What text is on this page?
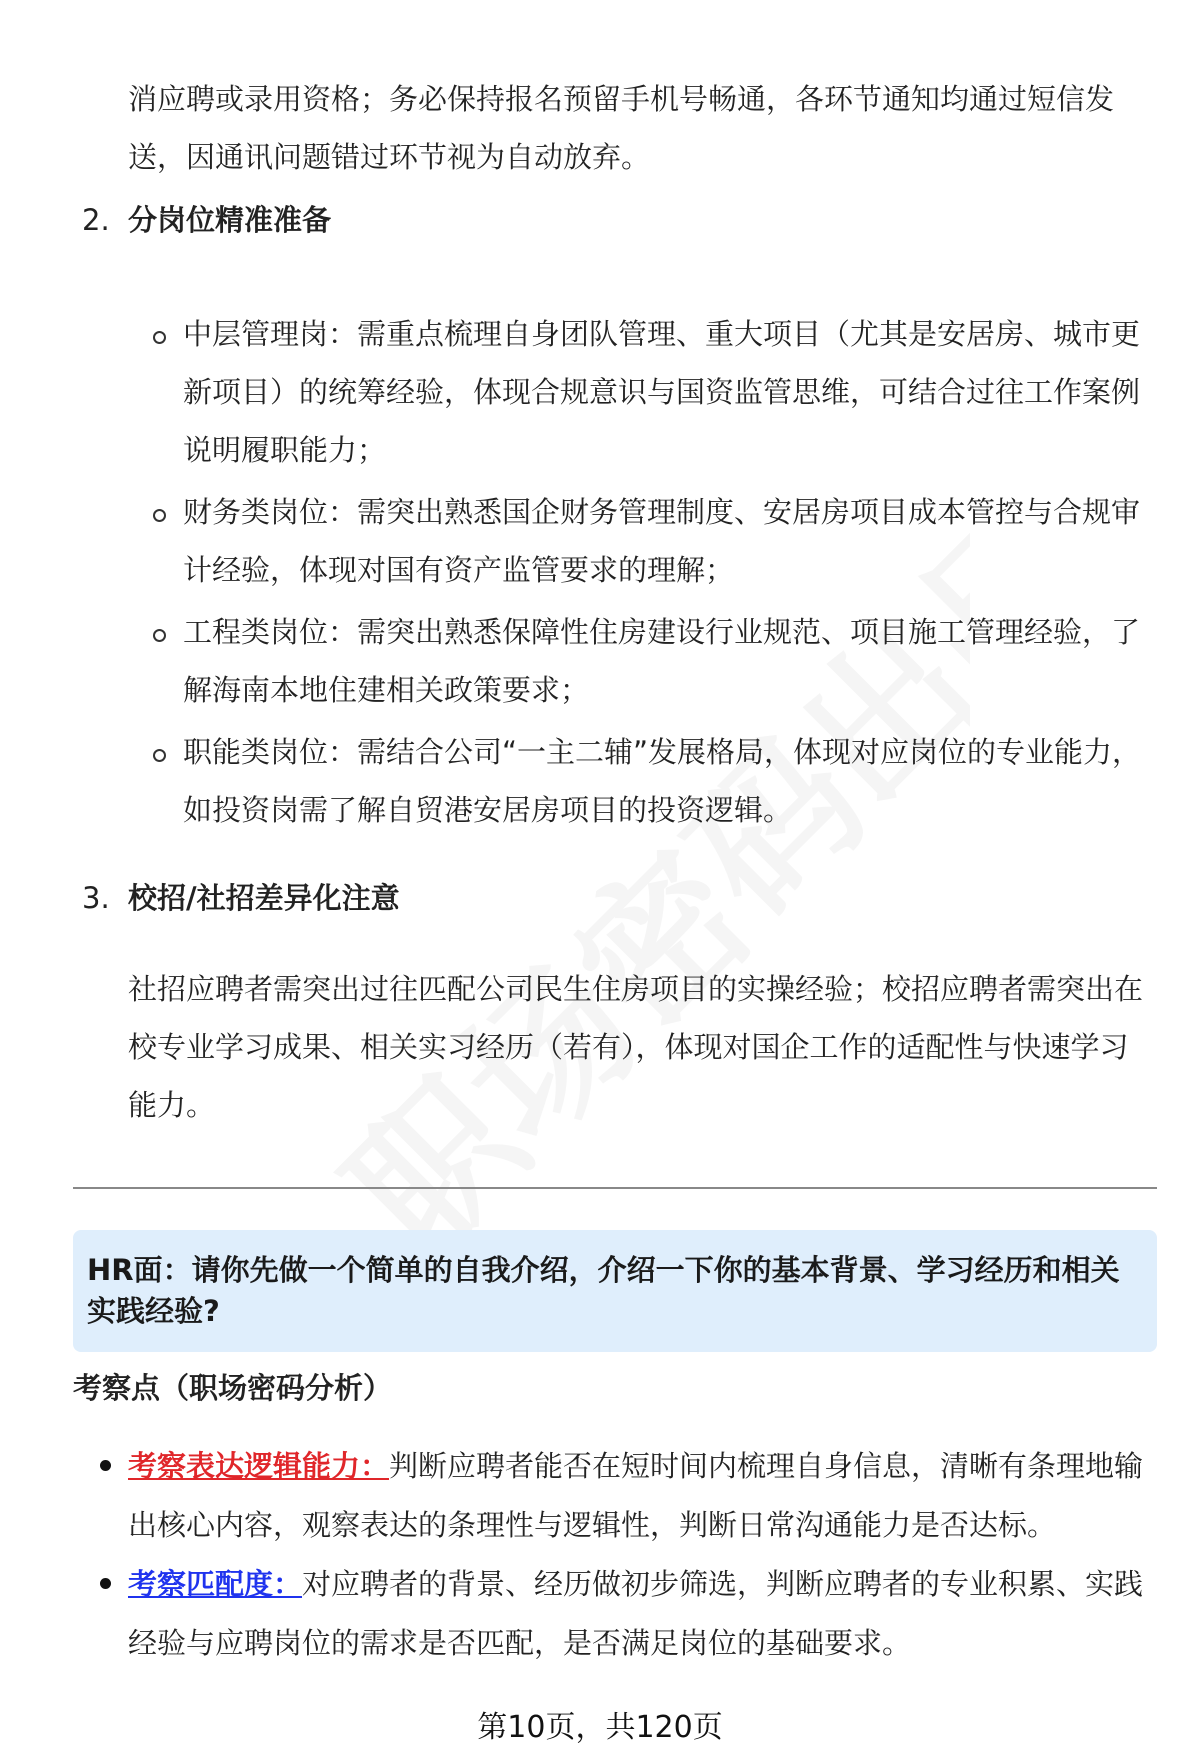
消应聘或录用资格；务必保持报名预留手机号畅通，各环节通知均通过短信发送，因通讯问题错过环节视为自动放弃。

2. 分岗位精准准备
中层管理岗：需重点梳理自身团队管理、重大项目（尤其是安居房、城市更新项目）的统筹经验，体现合规意识与国资监管思维，可结合过往工作案例说明履职能力；
财务类岗位：需突出熟悉国企财务管理制度、安居房项目成本管控与合规审计经验，体现对国有资产监管要求的理解；
工程类岗位：需突出熟悉保障性住房建设行业规范、项目施工管理经验，了解海南本地住建相关政策要求；
职能类岗位：需结合公司“一主二辅”发展格局，体现对应岗位的专业能力，如投资岗需了解自贸港安居房项目的投资逻辑。
3. 校招/社招差异化注意

社招应聘者需突出过往匹配公司民生住房项目的实操经验；校招应聘者需突出在校专业学习成果、相关实习经历（若有），体现对国企工作的适配性与快速学习能力。

HR面：请你先做一个简单的自我介绍，介绍一下你的基本背景、学习经历和相关实践经验?
考察点（职场密码分析）
考察表达逻辑能力：判断应聘者能否在短时间内梳理自身信息，清晰有条理地输出核心内容，观察表达的条理性与逻辑性，判断日常沟通能力是否达标。
考察匹配度：对应聘者的背景、经历做初步筛选，判断应聘者的专业积累、实践经验与应聘岗位的需求是否匹配，是否满足岗位的基础要求。
第10页，共120页
